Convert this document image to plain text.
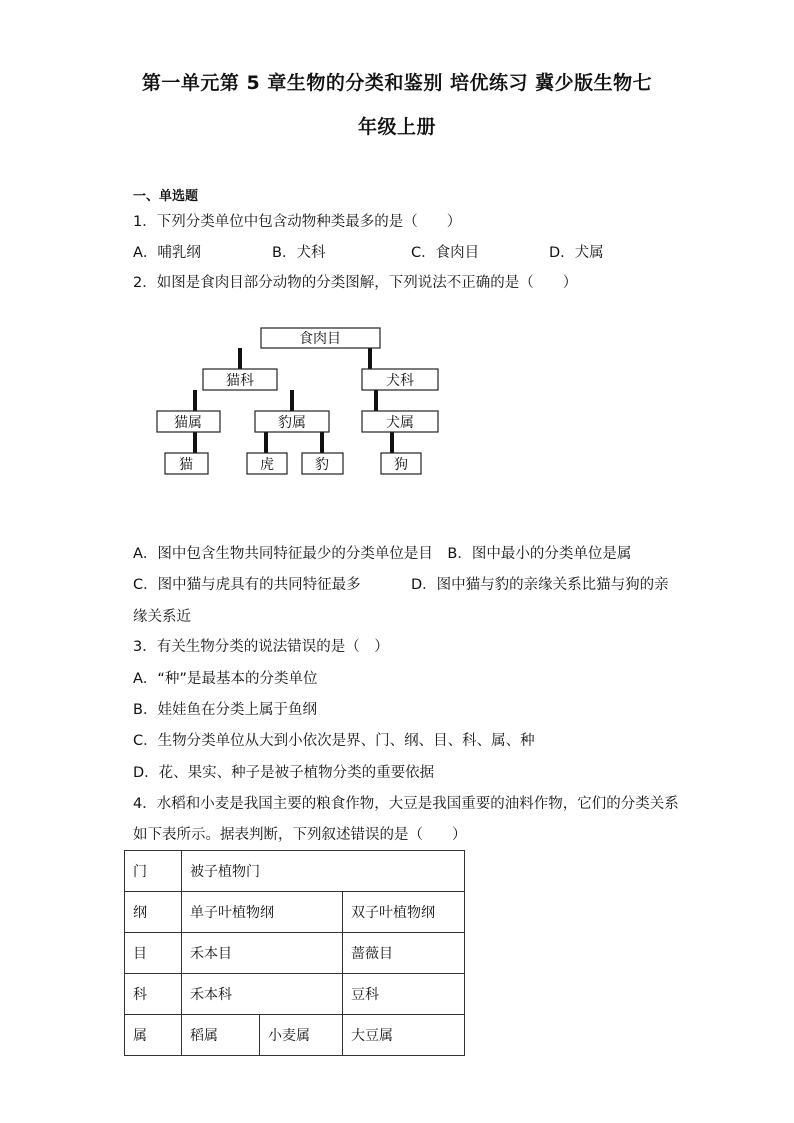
第一单元第 5 章生物的分类和鉴别 培优练习 冀少版生物七
年级上册
一、单选题
1．下列分类单位中包含动物种类最多的是（　　）
A．哺乳纲	B．犬科	C．食肉目	D．犬属
2．如图是食肉目部分动物的分类图解，下列说法不正确的是（　　）
食肉目
猫科	犬科
猫属	豹属	犬属
猫	虎	豹	狗
A．图中包含生物共同特征最少的分类单位是目　B．图中最小的分类单位是属
C．图中猫与虎具有的共同特征最多	D．图中猫与豹的亲缘关系比猫与狗的亲
缘关系近
3．有关生物分类的说法错误的是（　）
A．“种”是最基本的分类单位
B．娃娃鱼在分类上属于鱼纲
C．生物分类单位从大到小依次是界、门、纲、目、科、属、种
D．花、果实、种子是被子植物分类的重要依据
4．水稻和小麦是我国主要的粮食作物，大豆是我国重要的油料作物，它们的分类关系
如下表所示。据表判断，下列叙述错误的是（　　）
门	被子植物门		
纲	单子叶植物纲		双子叶植物纲
目	禾本目		蔷薇目
科	禾本科		豆科
属	稻属	小麦属	大豆属
